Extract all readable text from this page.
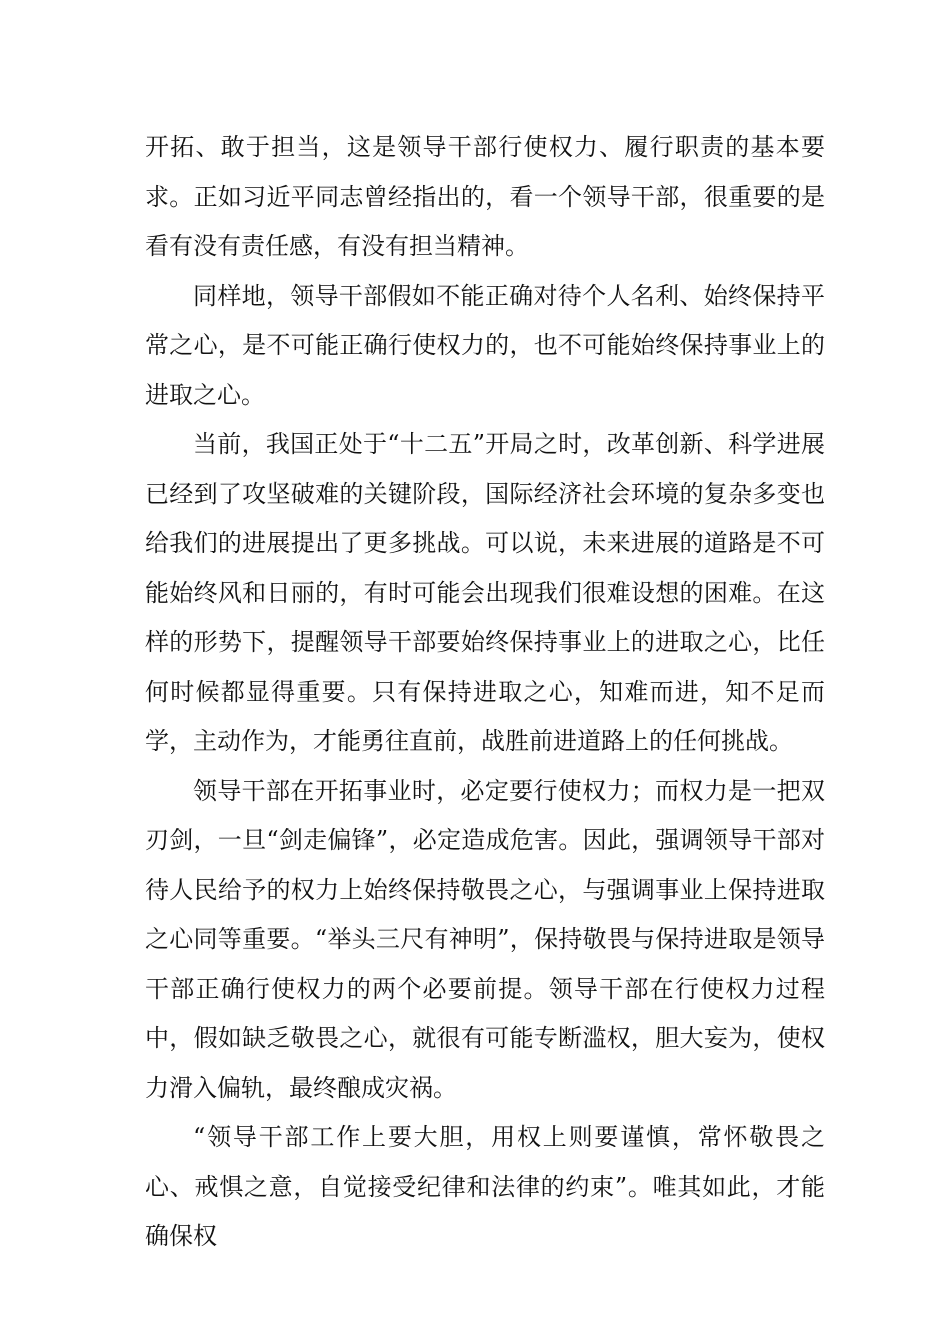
开拓、敢于担当，这是领导干部行使权力、履行职责的基本要求。正如习近平同志曾经指出的，看一个领导干部，很重要的是看有没有责任感，有没有担当精神。

同样地，领导干部假如不能正确对待个人名利、始终保持平常之心，是不可能正确行使权力的，也不可能始终保持事业上的进取之心。

当前，我国正处于“十二五”开局之时，改革创新、科学进展已经到了攻坚破难的关键阶段，国际经济社会环境的复杂多变也给我们的进展提出了更多挑战。可以说，未来进展的道路是不可能始终风和日丽的，有时可能会出现我们很难设想的困难。在这样的形势下，提醒领导干部要始终保持事业上的进取之心，比任何时候都显得重要。只有保持进取之心，知难而进，知不足而学，主动作为，才能勇往直前，战胜前进道路上的任何挑战。

领导干部在开拓事业时，必定要行使权力；而权力是一把双刃剑，一旦“剑走偏锋”，必定造成危害。因此，强调领导干部对待人民给予的权力上始终保持敬畏之心，与强调事业上保持进取之心同等重要。“举头三尺有神明”，保持敬畏与保持进取是领导干部正确行使权力的两个必要前提。领导干部在行使权力过程中，假如缺乏敬畏之心，就很有可能专断滥权，胆大妄为，使权力滑入偏轨，最终酿成灾祸。

“领导干部工作上要大胆，用权上则要谨慎，常怀敬畏之心、戒惧之意，自觉接受纪律和法律的约束”。唯其如此，才能确保权
